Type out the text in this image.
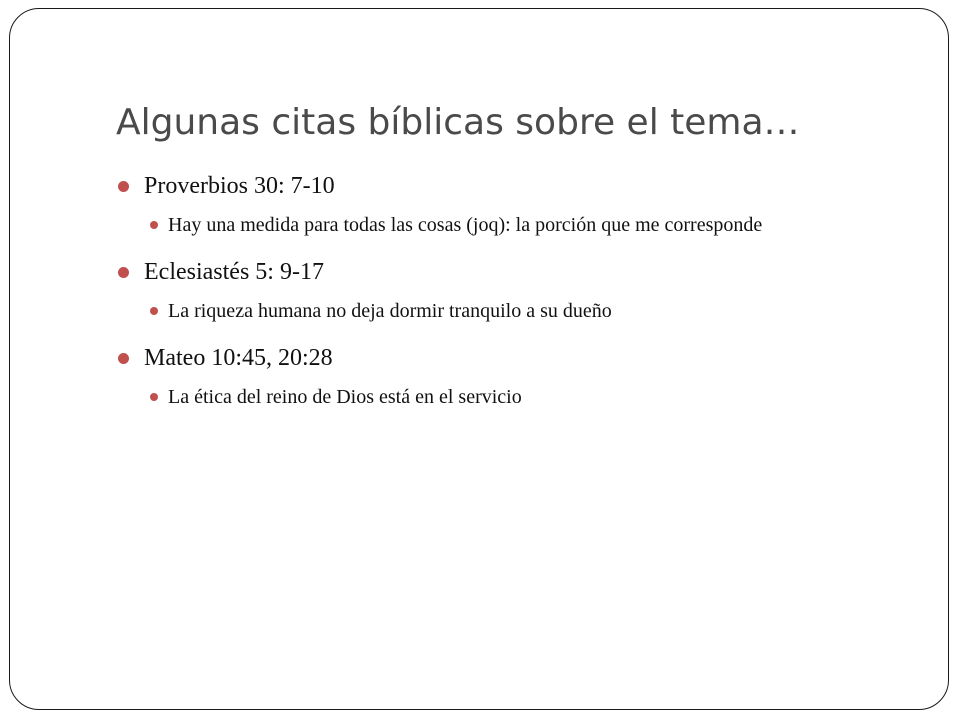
Algunas citas bíblicas sobre el tema…
Proverbios 30: 7-10
Hay una medida para todas las cosas (joq): la porción que me corresponde
Eclesiastés 5: 9-17
La riqueza humana no deja dormir tranquilo a su dueño
Mateo 10:45, 20:28
La ética del reino de Dios está en el servicio
